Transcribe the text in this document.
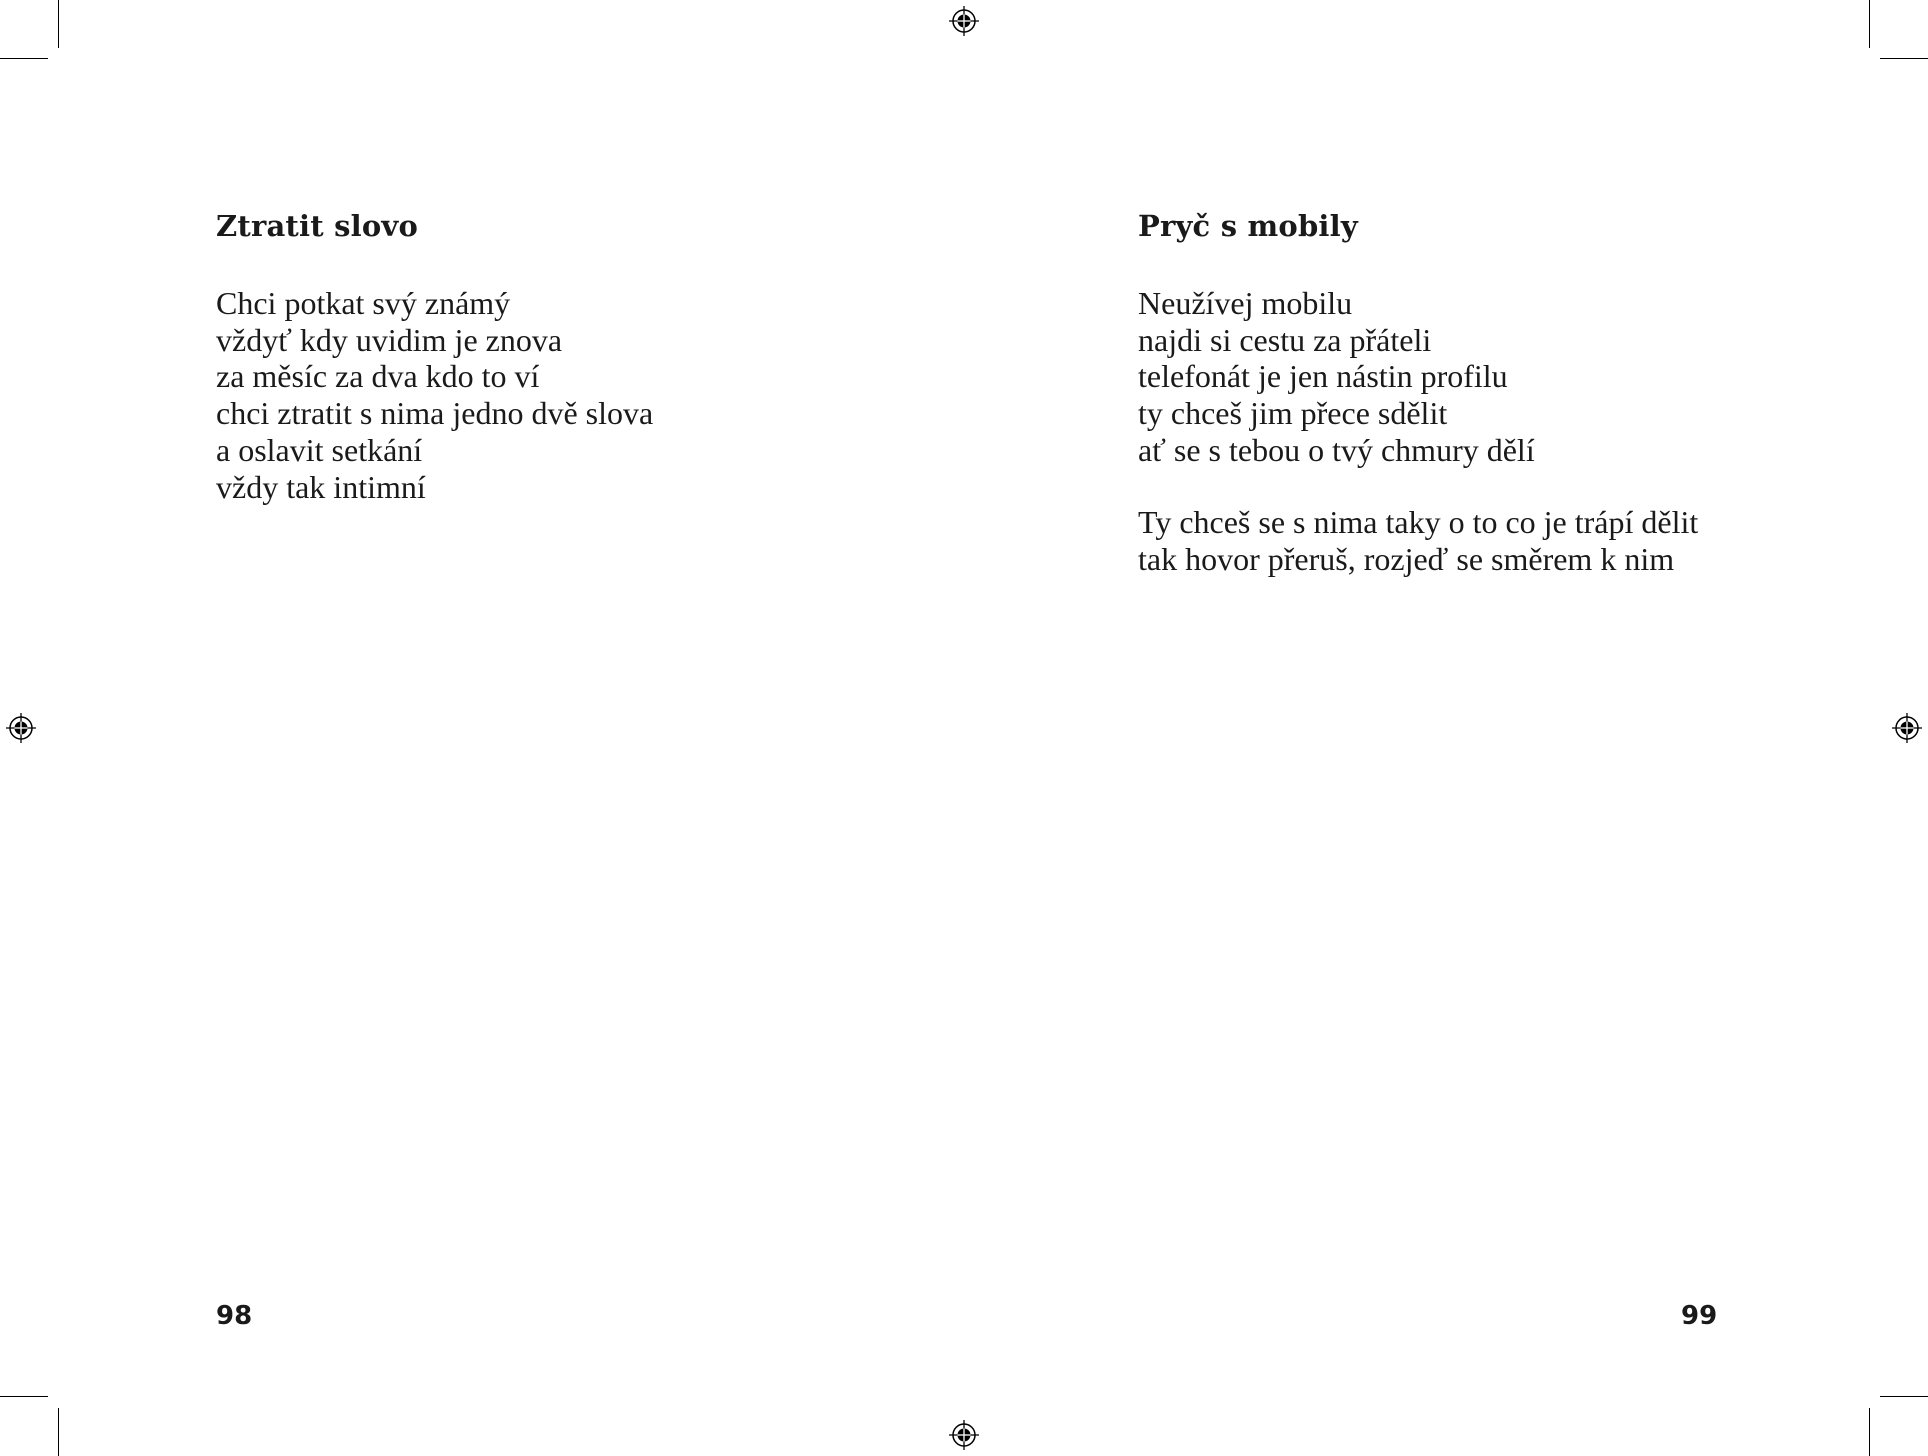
Ztratit slovo
Chci potkat svý známý
vždyť kdy uvidim je znova
za měsíc za dva kdo to ví
chci ztratit s nima jedno dvě slova
a oslavit setkání
vždy tak intimní
98
Pryč s mobily
Neužívej mobilu
najdi si cestu za přáteli
telefonát je jen nástin profilu
ty chceš jim přece sdělit
ať se s tebou o tvý chmury dělí
Ty chceš se s nima taky o to co je trápí dělit
tak hovor přeruš, rozjeď se směrem k nim
99
